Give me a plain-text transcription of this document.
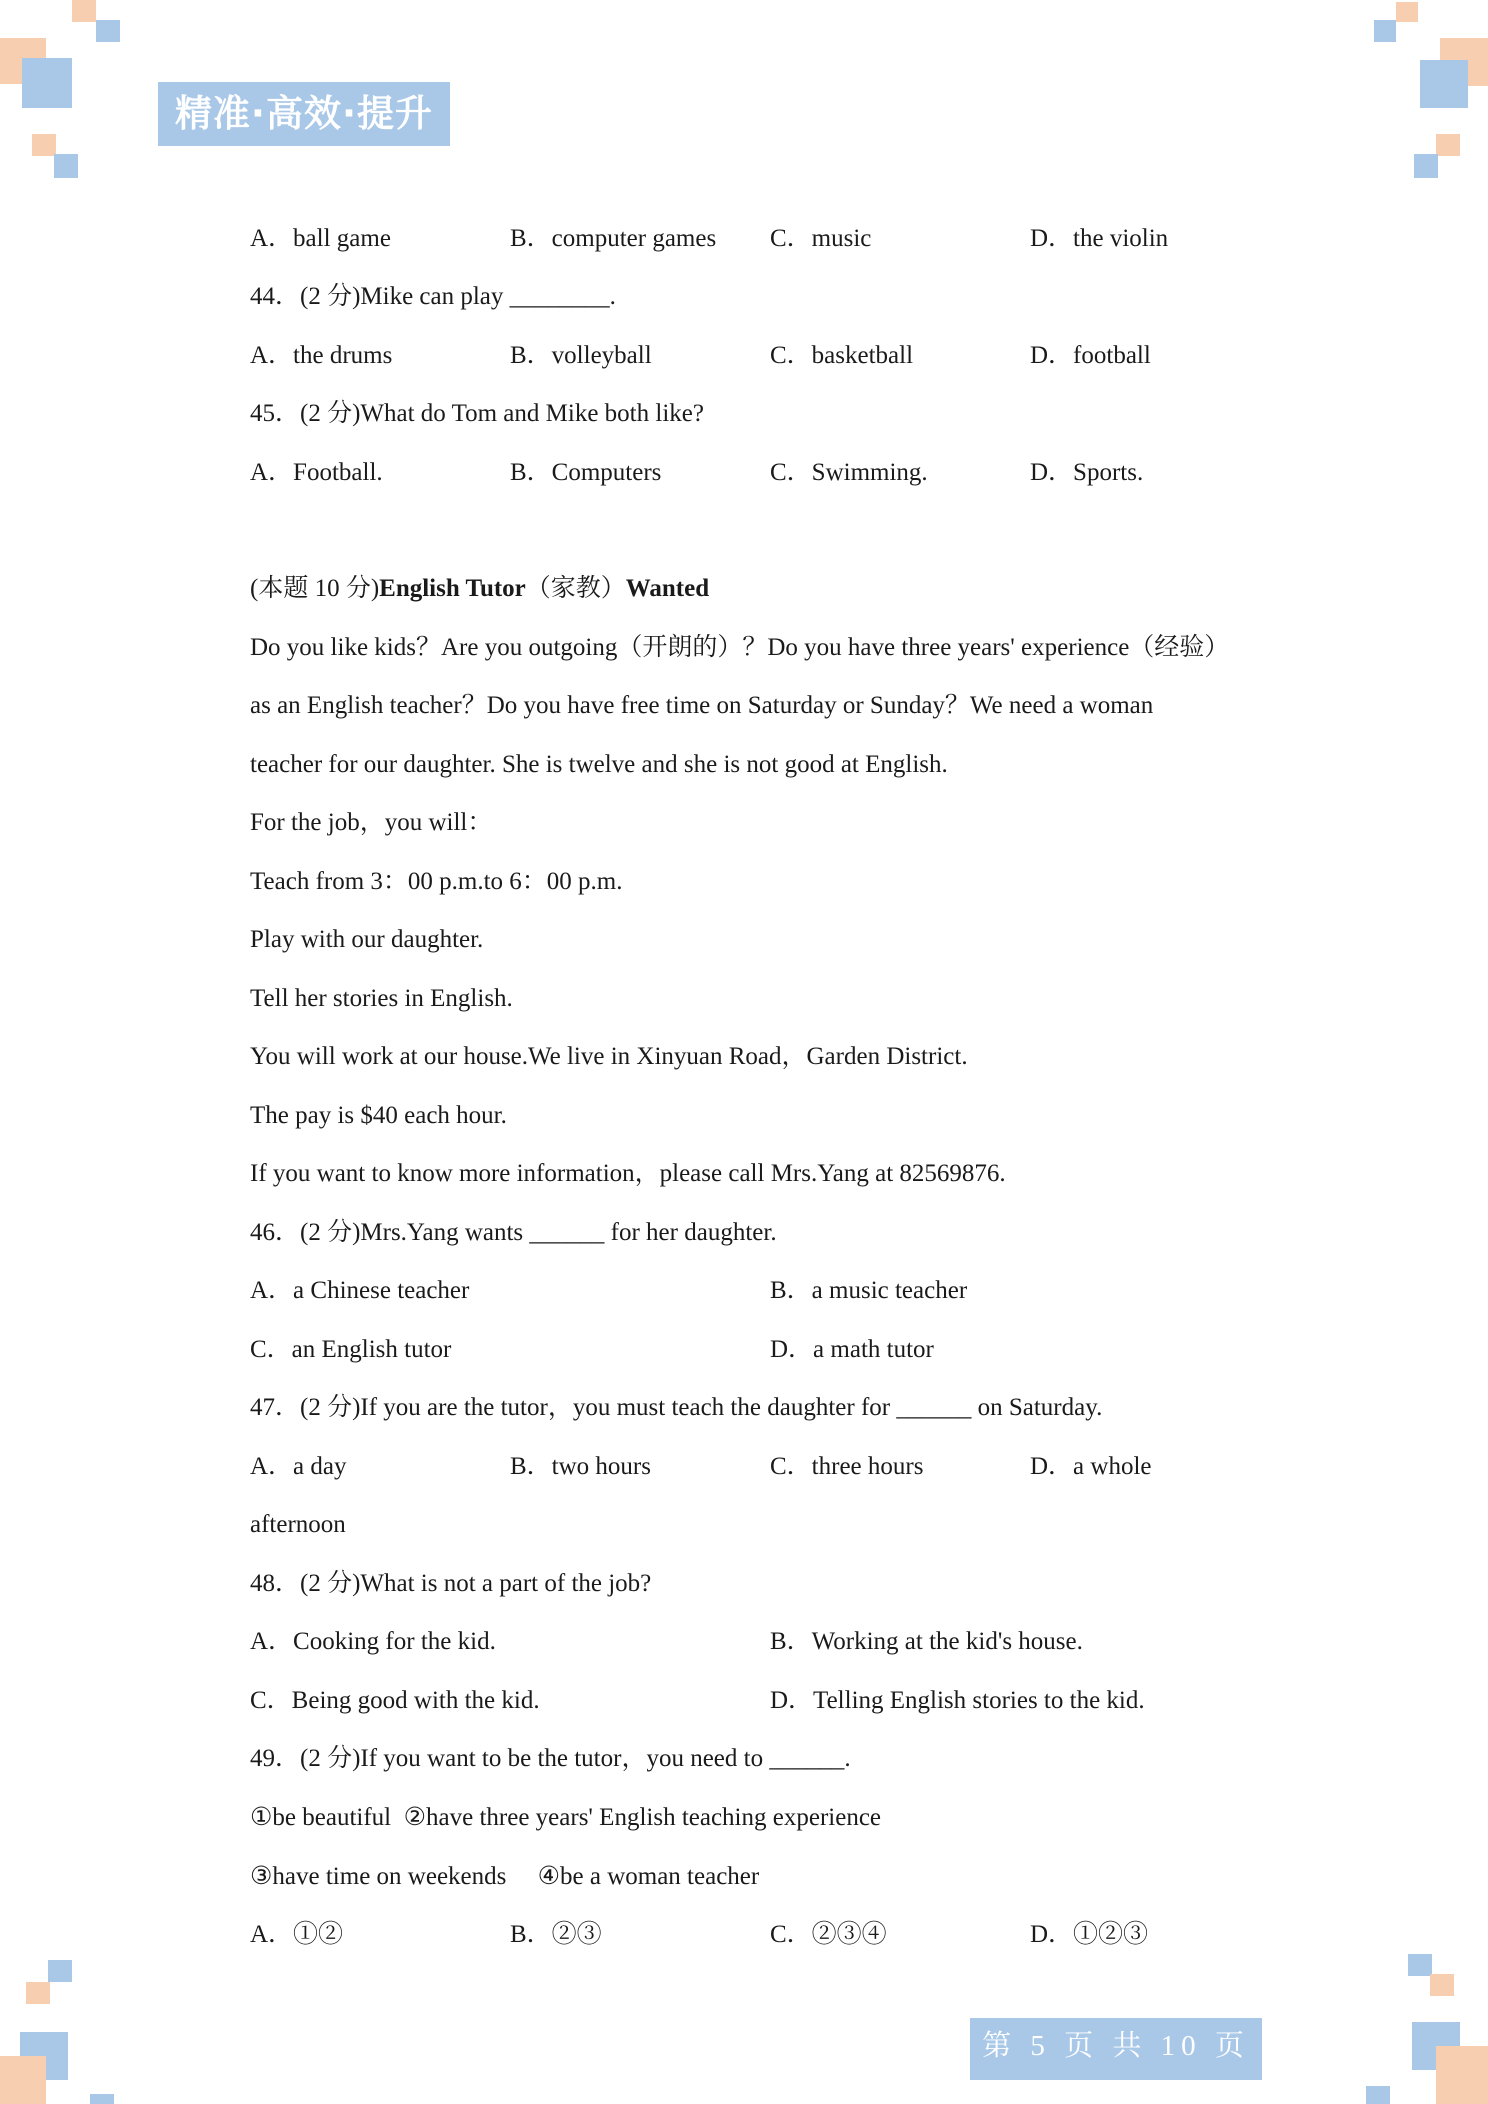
精准·高效·提升
A．ball game	B．computer games C．music	D．the violin
44．(2 分)Mike can play ________.
A．the drums	B．volleyball	C．basketball	D．football
45．(2 分)What do Tom and Mike both like?
A．Football.	B．Computers	C．Swimming.	D．Sports.
(本题 10 分)English Tutor（家教）Wanted
Do you like kids？Are you outgoing（开朗的）？Do you have three years' experience（经验）
as an English teacher？Do you have free time on Saturday or Sunday？We need a woman
teacher for our daughter. She is twelve and she is not good at English.
For the job，you will：
Teach from 3：00 p.m.to 6：00 p.m.
Play with our daughter.
Tell her stories in English.
You will work at our house.We live in Xinyuan Road，Garden District.
The pay is $40 each hour.
If you want to know more information，please call Mrs.Yang at 82569876.
46．(2 分)Mrs.Yang wants ______ for her daughter.
A．a Chinese teacher	B．a music teacher
C．an English tutor	D．a math tutor
47．(2 分)If you are the tutor，you must teach the daughter for ______ on Saturday.
A．a day	B．two hours	C．three hours	D．a whole
afternoon
48．(2 分)What is not a part of the job?
A．Cooking for the kid.	B．Working at the kid's house.
C．Being good with the kid.	D．Telling English stories to the kid.
49．(2 分)If you want to be the tutor，you need to ______.
①be beautiful  ②have three years' English teaching experience
③have time on weekends     ④be a woman teacher
A．①②	B．②③	C．②③④	D．①②③
第 5 页 共 10 页
